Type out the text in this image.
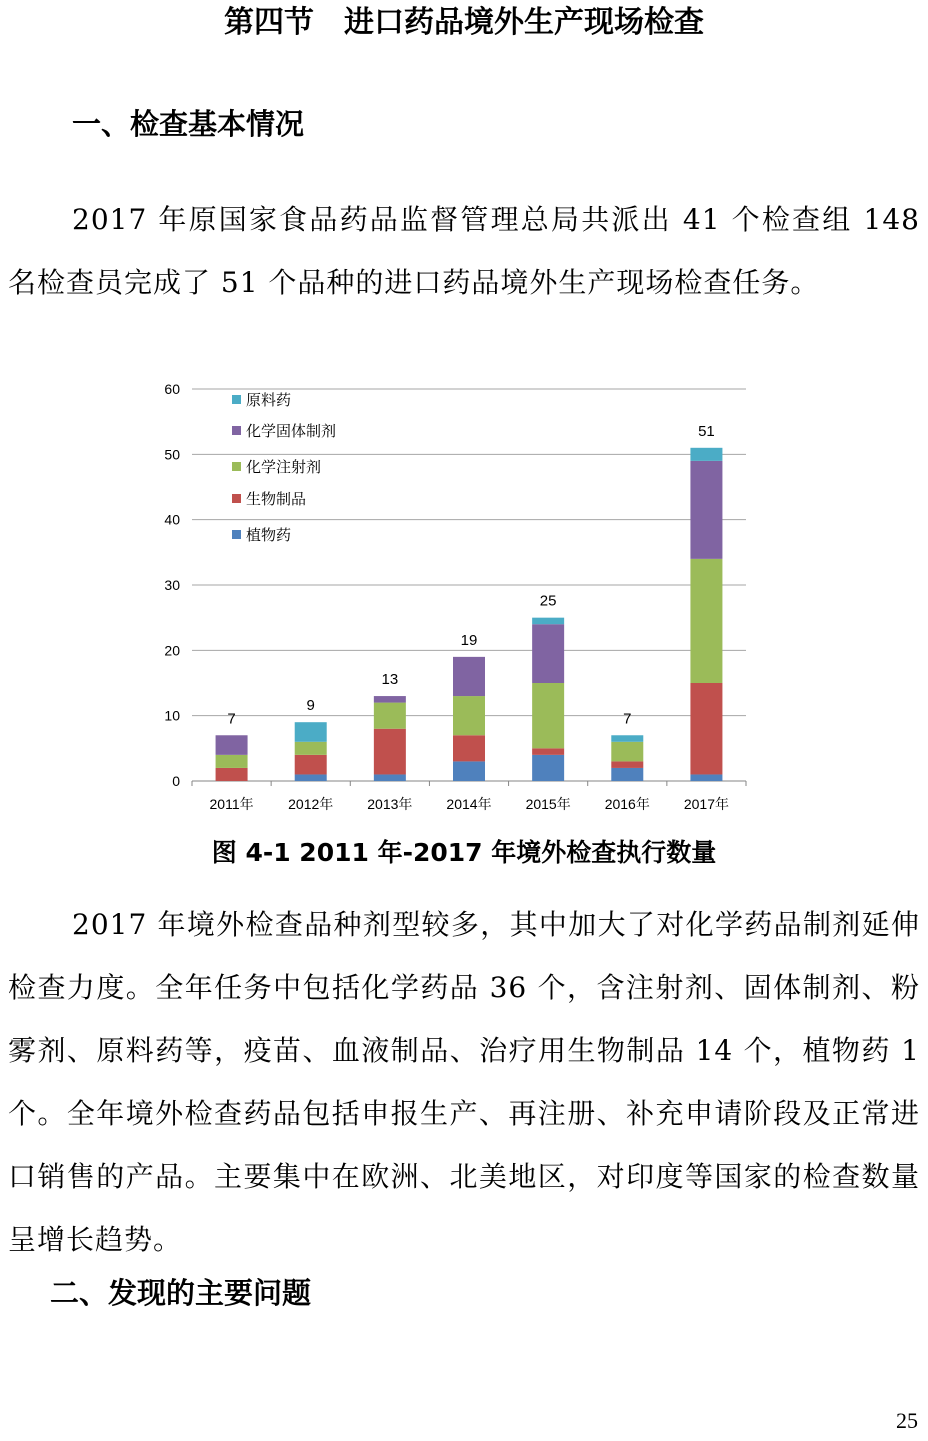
第四节　进口药品境外生产现场检查
一、检查基本情况
2017 年原国家食品药品监督管理总局共派出 41 个检查组 148 名检查员完成了 51 个品种的进口药品境外生产现场检查任务。
0
10
20
30
40
50
60
2011年 2012年 2013年 2014年 2015年 2016年 2017年
7
9
13
19
25
7
51
原料药
化学固体制剂
化学注射剂
生物制品
植物药
图 4-1 2011 年-2017 年境外检查执行数量
2017 年境外检查品种剂型较多，其中加大了对化学药品制剂延伸检查力度。全年任务中包括化学药品 36 个，含注射剂、固体制剂、粉雾剂、原料药等，疫苗、血液制品、治疗用生物制品 14 个，植物药 1 个。全年境外检查药品包括申报生产、再注册、补充申请阶段及正常进口销售的产品。主要集中在欧洲、北美地区，对印度等国家的检查数量呈增长趋势。
二、发现的主要问题
25
